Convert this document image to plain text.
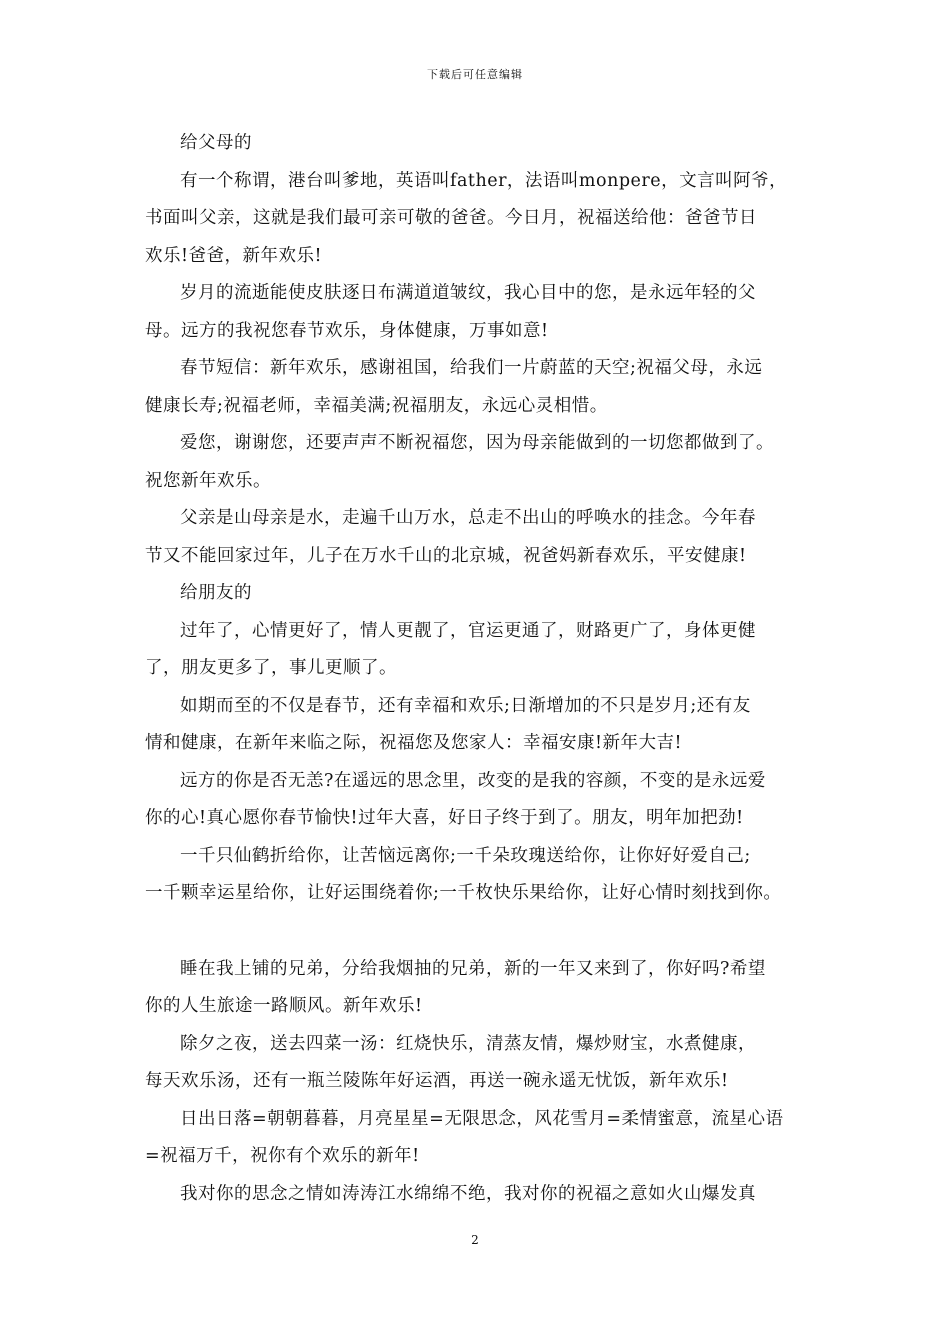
下载后可任意编辑

给父母的

有一个称谓，港台叫爹地，英语叫father，法语叫monpere，文言叫阿爷，

书面叫父亲，这就是我们最可亲可敬的爸爸。今日月，祝福送给他：爸爸节日

欢乐!爸爸，新年欢乐!

岁月的流逝能使皮肤逐日布满道道皱纹，我心目中的您，是永远年轻的父

母。远方的我祝您春节欢乐，身体健康，万事如意!

春节短信：新年欢乐，感谢祖国，给我们一片蔚蓝的天空;祝福父母，永远

健康长寿;祝福老师，幸福美满;祝福朋友，永远心灵相惜。

爱您，谢谢您，还要声声不断祝福您，因为母亲能做到的一切您都做到了。

祝您新年欢乐。

父亲是山母亲是水，走遍千山万水，总走不出山的呼唤水的挂念。今年春

节又不能回家过年，儿子在万水千山的北京城，祝爸妈新春欢乐，平安健康!

给朋友的

过年了，心情更好了，情人更靓了，官运更通了，财路更广了，身体更健

了，朋友更多了，事儿更顺了。

如期而至的不仅是春节，还有幸福和欢乐;日渐增加的不只是岁月;还有友

情和健康，在新年来临之际，祝福您及您家人：幸福安康!新年大吉!

远方的你是否无恙?在遥远的思念里，改变的是我的容颜，不变的是永远爱

你的心!真心愿你春节愉快!过年大喜，好日子终于到了。朋友，明年加把劲!

一千只仙鹤折给你，让苦恼远离你;一千朵玫瑰送给你，让你好好爱自己;

一千颗幸运星给你，让好运围绕着你;一千枚快乐果给你，让好心情时刻找到你。

睡在我上铺的兄弟，分给我烟抽的兄弟，新的一年又来到了，你好吗?希望

你的人生旅途一路顺风。新年欢乐!

除夕之夜，送去四菜一汤：红烧快乐，清蒸友情，爆炒财宝，水煮健康，

每天欢乐汤，还有一瓶兰陵陈年好运酒，再送一碗永遥无忧饭，新年欢乐!

日出日落=朝朝暮暮，月亮星星=无限思念，风花雪月=柔情蜜意，流星心语

=祝福万千，祝你有个欢乐的新年!

我对你的思念之情如涛涛江水绵绵不绝，我对你的祝福之意如火山爆发真

2
